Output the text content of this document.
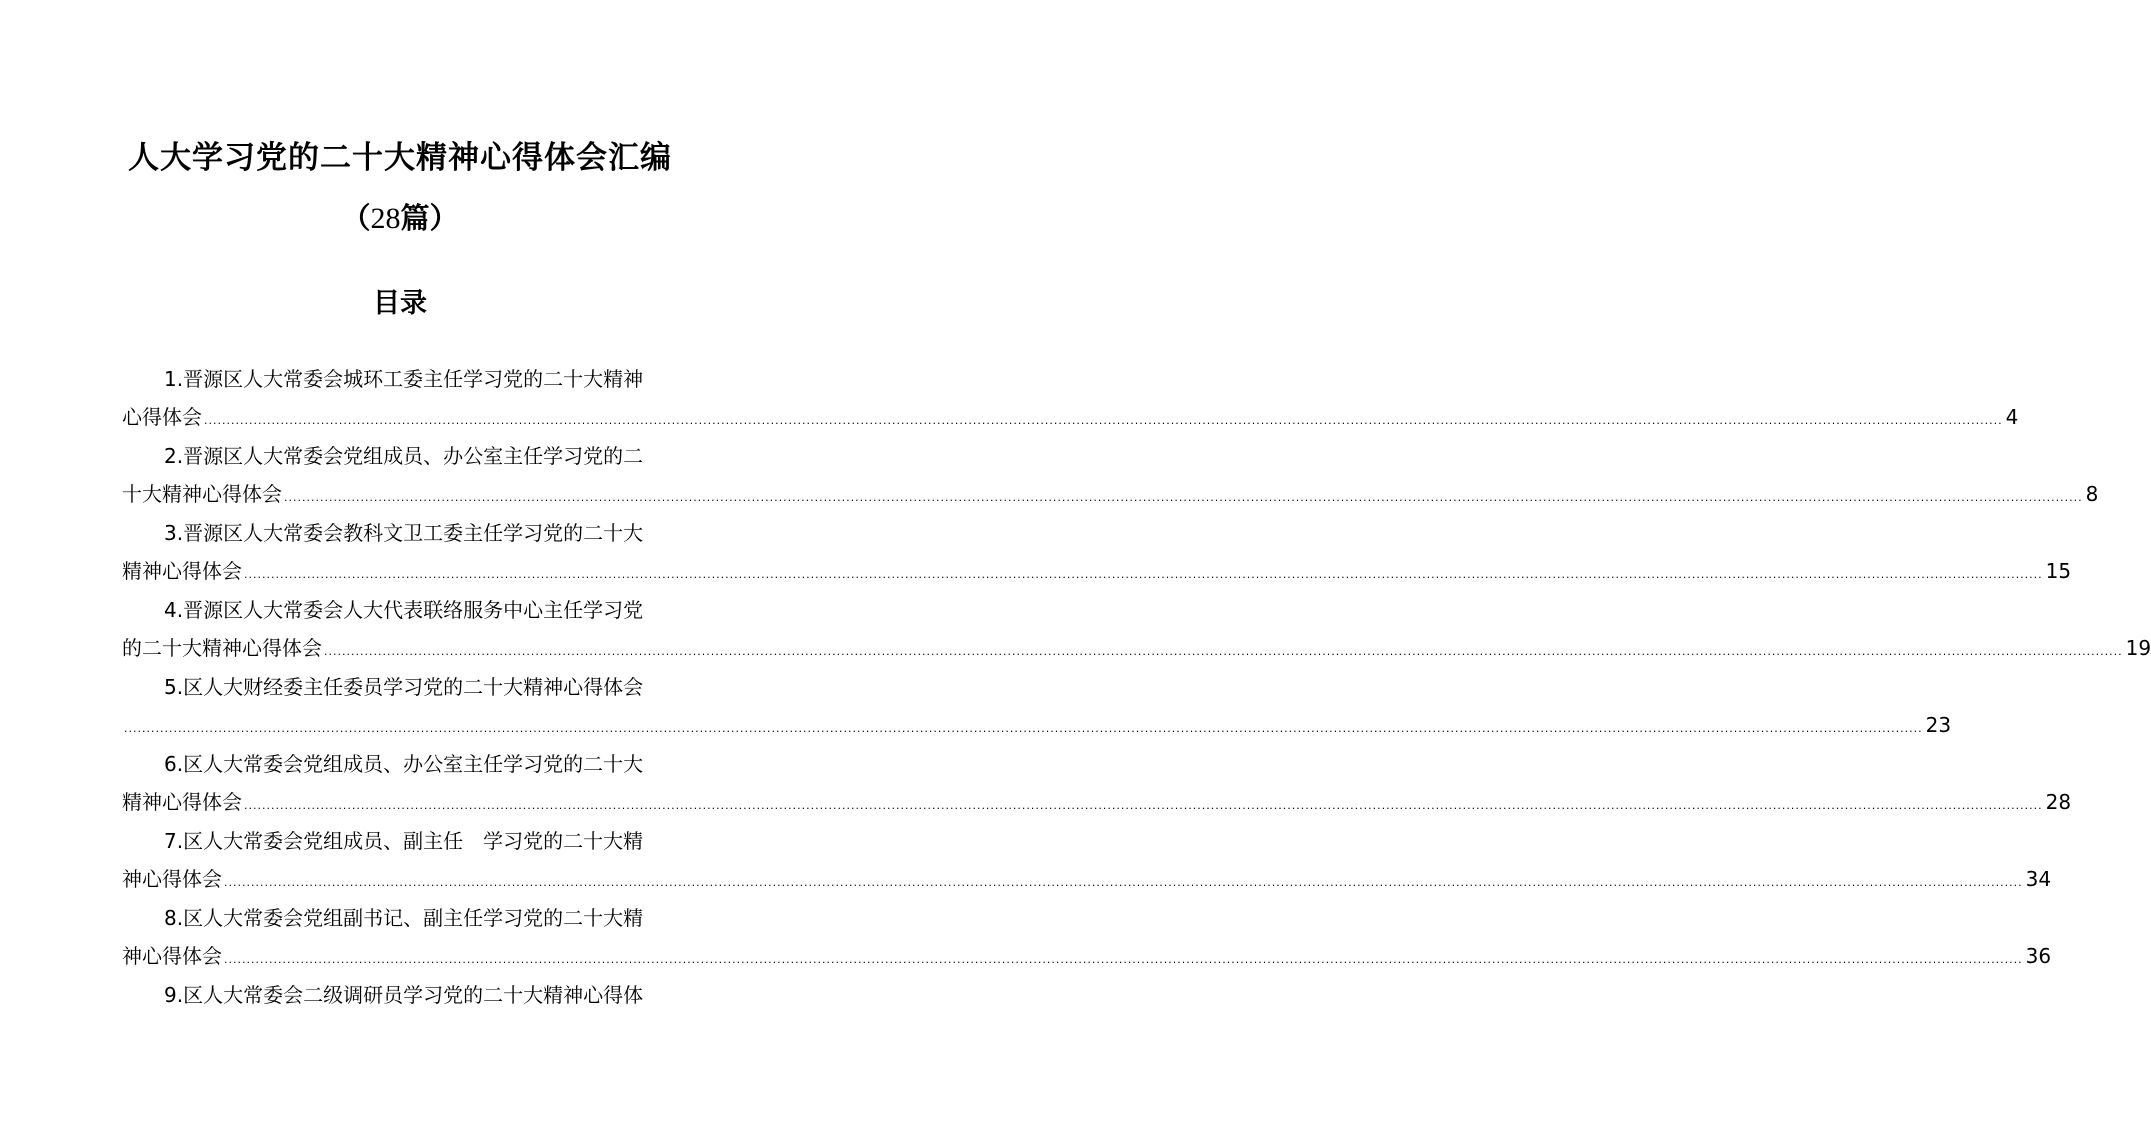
人大学习党的二十大精神心得体会汇编
（28篇）
目录
1.晋源区人大常委会城环工委主任学习党的二十大精神
心得体会 ................................................................................................................................................................................................................................................................................................................................................................................................................ 4
2.晋源区人大常委会党组成员、办公室主任学习党的二
十大精神心得体会 ................................................................................................................................................................................................................................................................................................................................................................................................................ 8
3.晋源区人大常委会教科文卫工委主任学习党的二十大
精神心得体会 ................................................................................................................................................................................................................................................................................................................................................................................................................ 15
4.晋源区人大常委会人大代表联络服务中心主任学习党
的二十大精神心得体会 ................................................................................................................................................................................................................................................................................................................................................................................................................ 19
5.区人大财经委主任委员学习党的二十大精神心得体会
................................................................................................................................................................................................................................................................................................................................................................................................................ 23
6.区人大常委会党组成员、办公室主任学习党的二十大
精神心得体会 ................................................................................................................................................................................................................................................................................................................................................................................................................ 28
7.区人大常委会党组成员、副主任　学习党的二十大精
神心得体会 ................................................................................................................................................................................................................................................................................................................................................................................................................ 34
8.区人大常委会党组副书记、副主任学习党的二十大精
神心得体会 ................................................................................................................................................................................................................................................................................................................................................................................................................ 36
9.区人大常委会二级调研员学习党的二十大精神心得体
